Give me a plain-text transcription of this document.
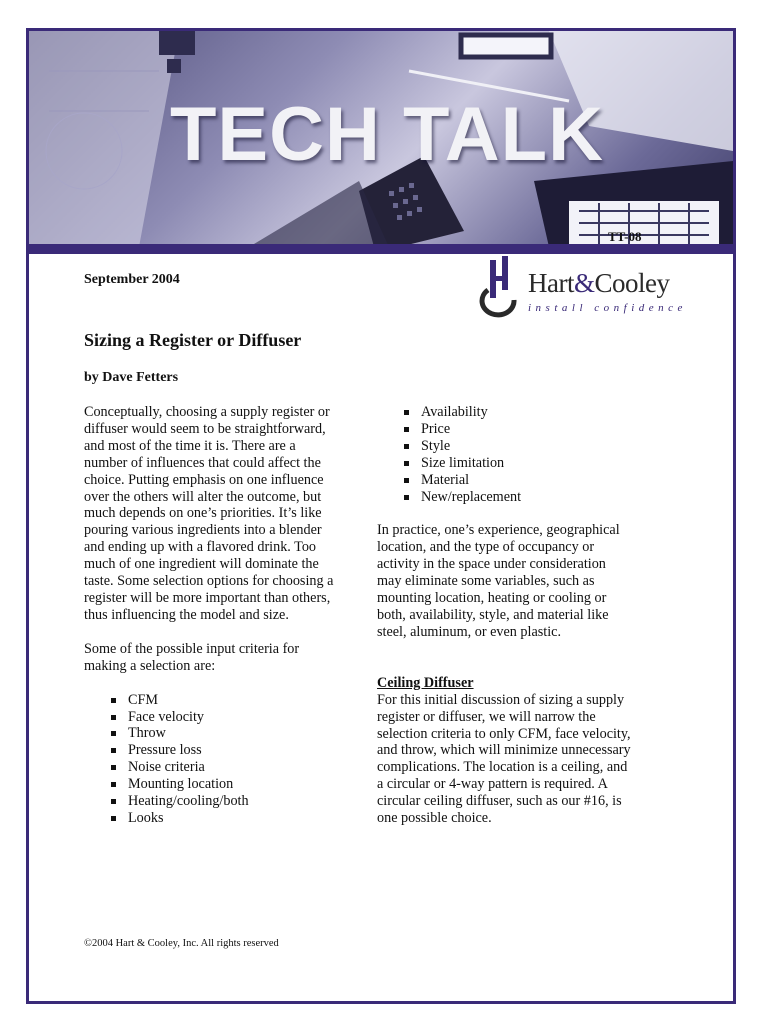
TECH TALK
TT-08
September 2004	Hart&Cooley
install confidence
Sizing a Register or Diffuser
by Dave Fetters

Conceptually, choosing a supply register or diffuser would seem to be straightforward, and most of the time it is. There are a number of influences that could affect the choice. Putting emphasis on one influence over the others will alter the outcome, but much depends on one’s priorities. It’s like pouring various ingredients into a blender and ending up with a flavored drink. Too much of one ingredient will dominate the taste. Some selection options for choosing a register will be more important than others, thus influencing the model and size.

Some of the possible input criteria for making a selection are:

CFM
Face velocity
Throw
Pressure loss
Noise criteria
Mounting location
Heating/cooling/both
Looks
Availability
Price
Style
Size limitation
Material
New/replacement

In practice, one’s experience, geographical location, and the type of occupancy or activity in the space under consideration may eliminate some variables, such as mounting location, heating or cooling or both, availability, style, and material like steel, aluminum, or even plastic.

Ceiling Diffuser

For this initial discussion of sizing a supply register or diffuser, we will narrow the selection criteria to only CFM, face velocity, and throw, which will minimize unnecessary complications. The location is a ceiling, and a circular or 4-way pattern is required. A circular ceiling diffuser, such as our #16, is one possible choice.

©2004 Hart & Cooley, Inc. All rights reserved
